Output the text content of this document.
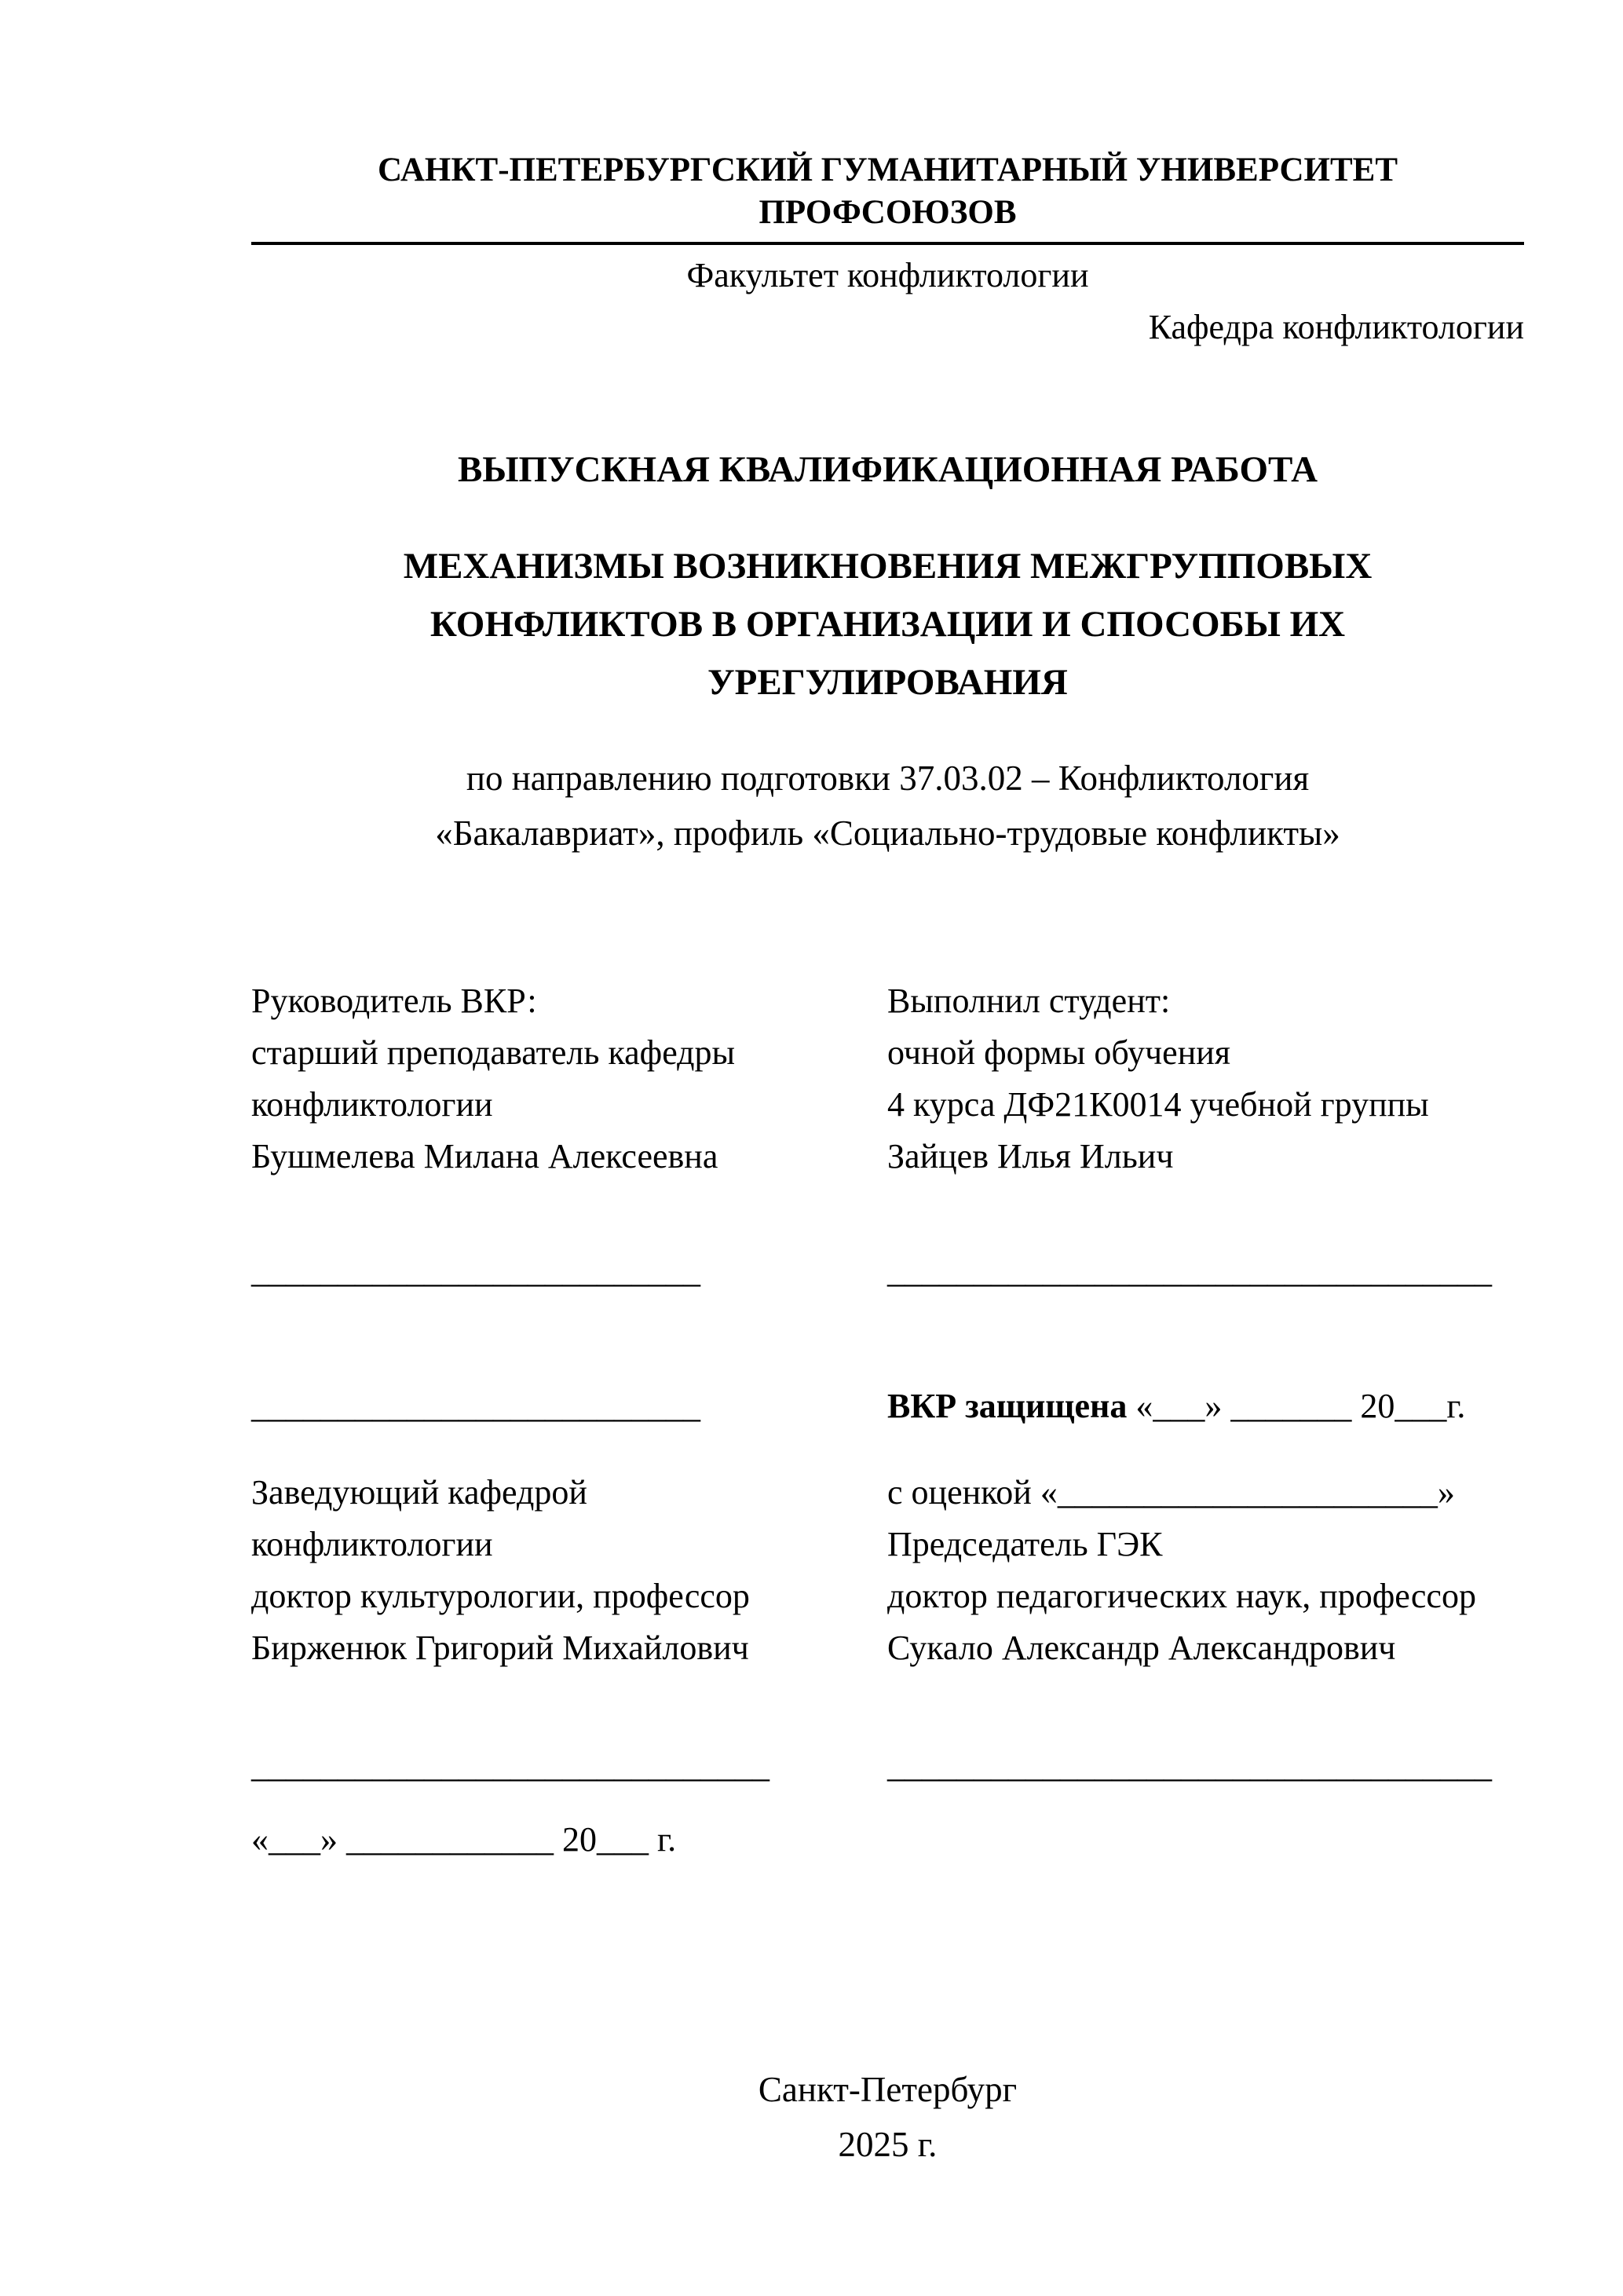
САНКТ-ПЕТЕРБУРГСКИЙ ГУМАНИТАРНЫЙ УНИВЕРСИТЕТ ПРОФСОЮЗОВ
Факультет конфликтологии
Кафедра конфликтологии
ВЫПУСКНАЯ КВАЛИФИКАЦИОННАЯ РАБОТА
МЕХАНИЗМЫ ВОЗНИКНОВЕНИЯ МЕЖГРУППОВЫХ
КОНФЛИКТОВ В ОРГАНИЗАЦИИ И СПОСОБЫ ИХ
УРЕГУЛИРОВАНИЯ
по направлению подготовки 37.03.02 – Конфликтология
«Бакалавриат», профиль «Социально-трудовые конфликты»
Руководитель ВКР:
старший преподаватель кафедры
конфликтологии
Бушмелева Милана Алексеевна
__________________________
__________________________
Заведующий кафедрой
конфликтологии
доктор культурологии, профессор
Бирженюк Григорий Михайлович
______________________________
«___» ____________ 20___ г.
Выполнил студент:
очной формы обучения
4 курса ДФ21К0014 учебной группы
Зайцев Илья Ильич
___________________________________
ВКР защищена «___» _______ 20___г.
с оценкой «______________________»
Председатель ГЭК
доктор педагогических наук, профессор
Сукало Александр Александрович
___________________________________
Санкт-Петербург
2025 г.
